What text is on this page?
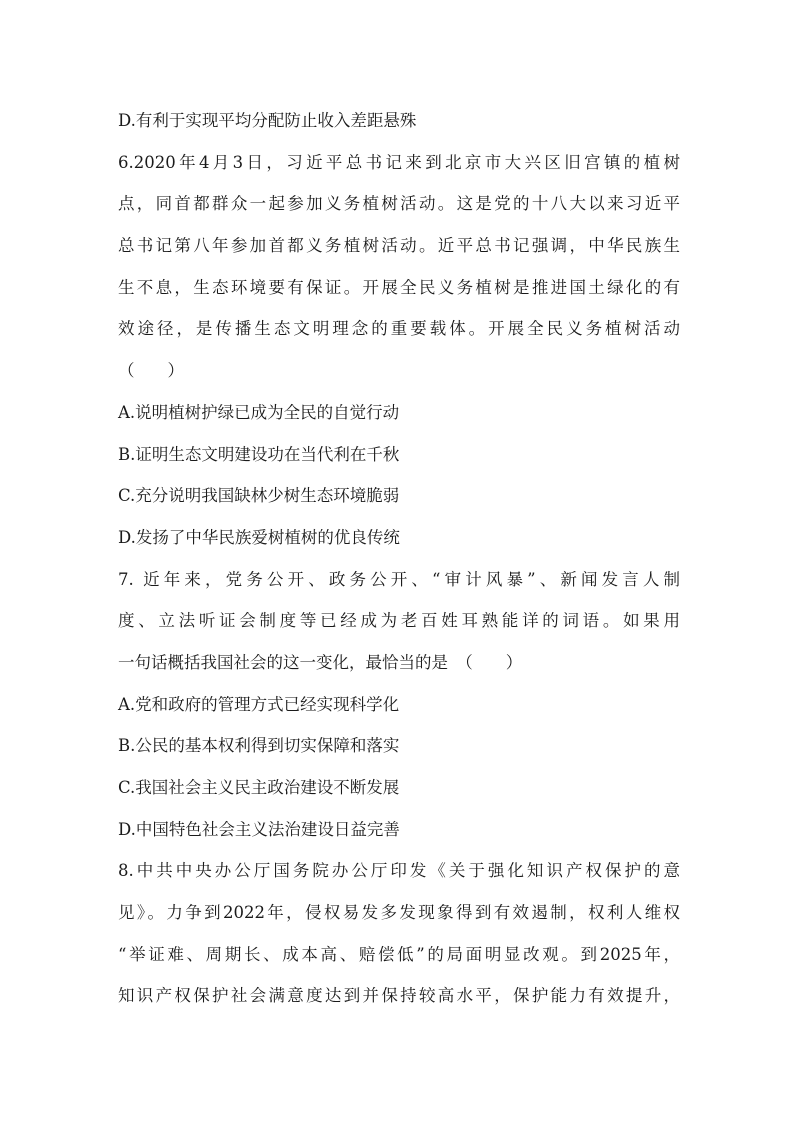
D.有利于实现平均分配防止收入差距悬殊
6.2020年4月3日，习近平总书记来到北京市大兴区旧宫镇的植树
点，同首都群众一起参加义务植树活动。这是党的十八大以来习近平
总书记第八年参加首都义务植树活动。近平总书记强调，中华民族生
生不息，生态环境要有保证。开展全民义务植树是推进国土绿化的有
效途径，是传播生态文明理念的重要载体。开展全民义务植树活动
（　　）
A.说明植树护绿已成为全民的自觉行动
B.证明生态文明建设功在当代利在千秋
C.充分说明我国缺林少树生态环境脆弱
D.发扬了中华民族爱树植树的优良传统
7. 近年来，党务公开、政务公开、“审计风暴”、新闻发言人制
度、立法听证会制度等已经成为老百姓耳熟能详的词语。如果用
一句话概括我国社会的这一变化，最恰当的是　（　　）
A.党和政府的管理方式已经实现科学化
B.公民的基本权利得到切实保障和落实
C.我国社会主义民主政治建设不断发展
D.中国特色社会主义法治建设日益完善
8.中共中央办公厅国务院办公厅印发《关于强化知识产权保护的意
见》。力争到2022年，侵权易发多发现象得到有效遏制，权利人维权
“举证难、周期长、成本高、赔偿低”的局面明显改观。到2025年，
知识产权保护社会满意度达到并保持较高水平，保护能力有效提升，
